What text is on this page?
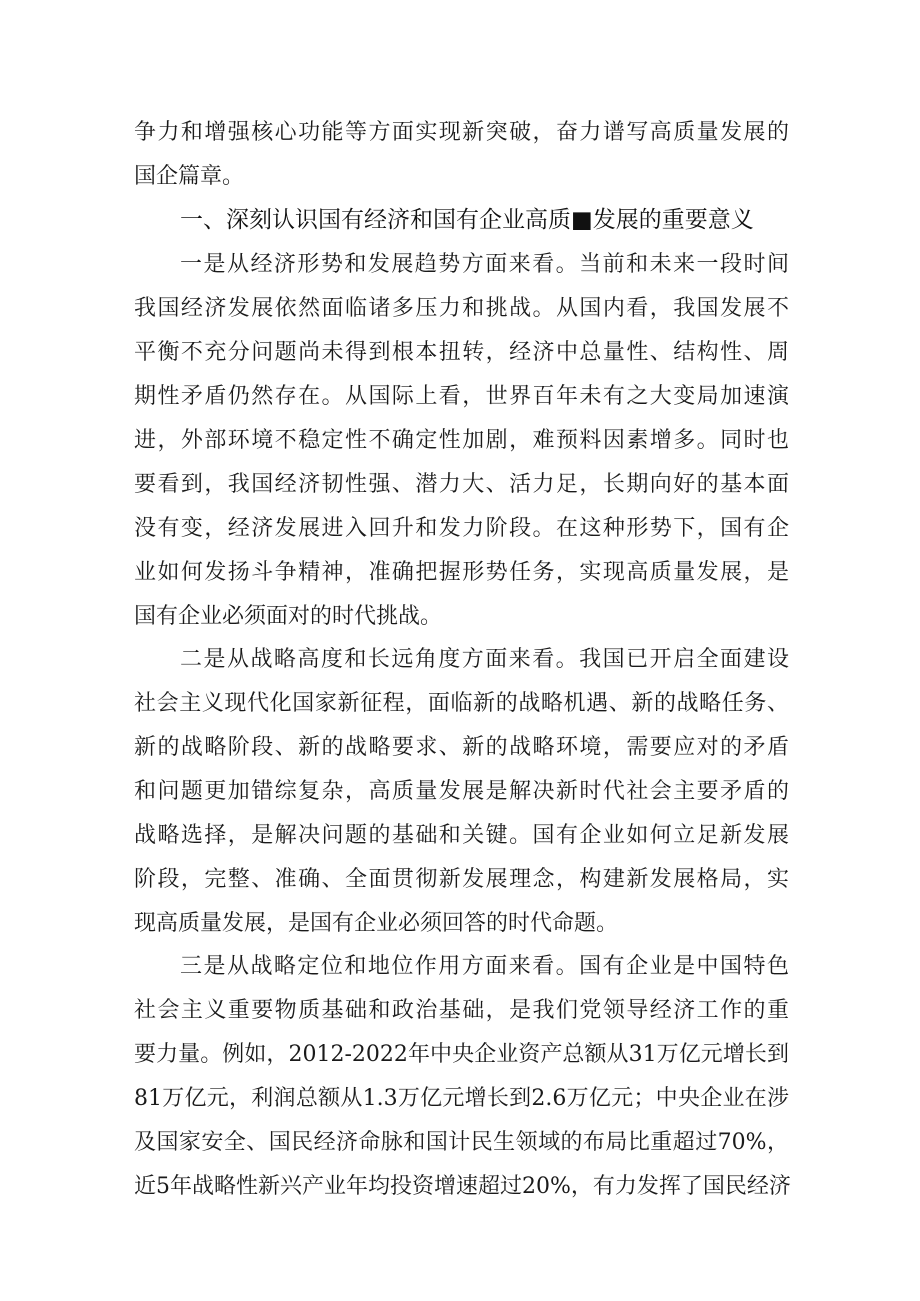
争力和增强核心功能等方面实现新突破，奋力谱写高质量发展的
国企篇章。
一、深刻认识国有经济和国有企业高质■发展的重要意义
一是从经济形势和发展趋势方面来看。当前和未来一段时间
我国经济发展依然面临诸多压力和挑战。从国内看，我国发展不
平衡不充分问题尚未得到根本扭转，经济中总量性、结构性、周
期性矛盾仍然存在。从国际上看，世界百年未有之大变局加速演
进，外部环境不稳定性不确定性加剧，难预料因素增多。同时也
要看到，我国经济韧性强、潜力大、活力足，长期向好的基本面
没有变，经济发展进入回升和发力阶段。在这种形势下，国有企
业如何发扬斗争精神，准确把握形势任务，实现高质量发展，是
国有企业必须面对的时代挑战。
二是从战略高度和长远角度方面来看。我国已开启全面建设
社会主义现代化国家新征程，面临新的战略机遇、新的战略任务、
新的战略阶段、新的战略要求、新的战略环境，需要应对的矛盾
和问题更加错综复杂，高质量发展是解决新时代社会主要矛盾的
战略选择，是解决问题的基础和关键。国有企业如何立足新发展
阶段，完整、准确、全面贯彻新发展理念，构建新发展格局，实
现高质量发展，是国有企业必须回答的时代命题。
三是从战略定位和地位作用方面来看。国有企业是中国特色
社会主义重要物质基础和政治基础，是我们党领导经济工作的重
要力量。例如，2012-2022年中央企业资产总额从31万亿元增长到
81万亿元，利润总额从1.3万亿元增长到2.6万亿元；中央企业在涉
及国家安全、国民经济命脉和国计民生领域的布局比重超过70%，
近5年战略性新兴产业年均投资增速超过20%，有力发挥了国民经济
